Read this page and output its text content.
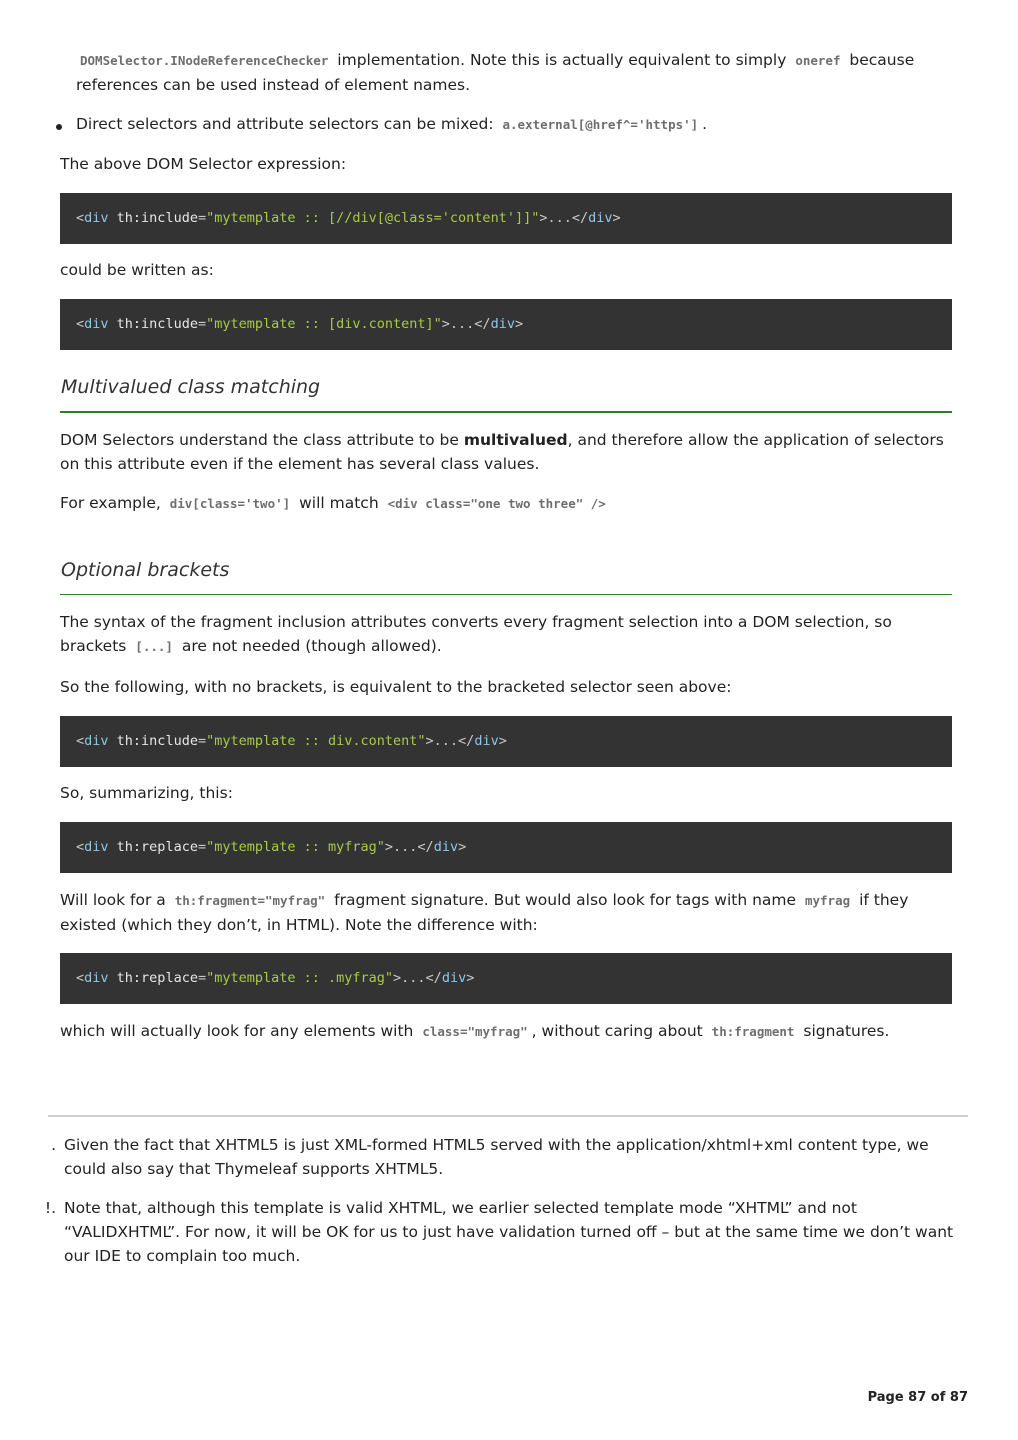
DOMSelector.INodeReferenceChecker implementation. Note this is actually equivalent to simply oneref because references can be used instead of element names.

Direct selectors and attribute selectors can be mixed: a.external[@href^='https'] .

The above DOM Selector expression:

<div th:include="mytemplate :: [//div[@class='content']]">...</div>

could be written as:

<div th:include="mytemplate :: [div.content]">...</div>
Multivalued class matching

DOM Selectors understand the class attribute to be multivalued, and therefore allow the application of selectors on this attribute even if the element has several class values.

For example, div[class='two'] will match <div class="one two three" />

Optional brackets

The syntax of the fragment inclusion attributes converts every fragment selection into a DOM selection, so brackets [...] are not needed (though allowed).

So the following, with no brackets, is equivalent to the bracketed selector seen above:

<div th:include="mytemplate :: div.content">...</div>

So, summarizing, this:

<div th:replace="mytemplate :: myfrag">...</div>

Will look for a th:fragment="myfrag" fragment signature. But would also look for tags with name myfrag if they existed (which they don’t, in HTML). Note the difference with:

<div th:replace="mytemplate :: .myfrag">...</div>

which will actually look for any elements with class="myfrag" , without caring about th:fragment signatures.

. Given the fact that XHTML5 is just XML-formed HTML5 served with the application/xhtml+xml content type, we could also say that Thymeleaf supports XHTML5.

!. Note that, although this template is valid XHTML, we earlier selected template mode “XHTML” and not “VALIDXHTML”. For now, it will be OK for us to just have validation turned off – but at the same time we don’t want our IDE to complain too much.

Page 87 of 87
